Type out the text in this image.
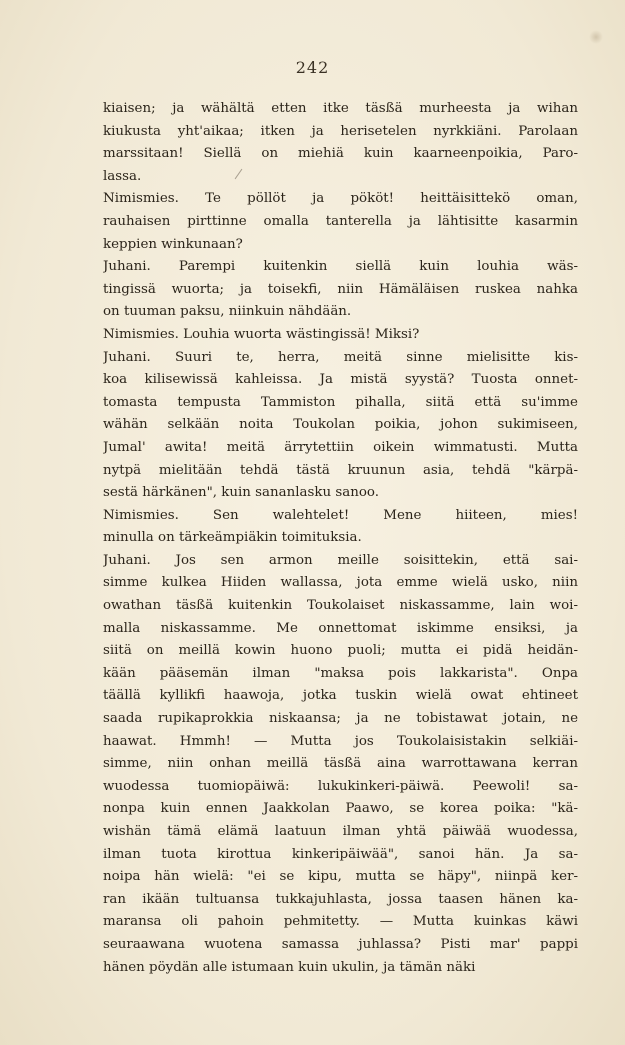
242
kiaisen; ja wähältä etten itke täsßä murheesta ja wihan
kiukusta yht'aikaa; itken ja herisetelen nyrkkiäni. Parolaan
marssitaan! Siellä on miehiä kuin kaarneenpoikia, Paro-
lassa.
Nimismies. Te pöllöt ja pököt! heittäisittekö oman,
rauhaisen pirttinne omalla tanterella ja lähtisitte kasarmin
keppien winkunaan?
Juhani. Parempi kuitenkin siellä kuin louhia wäs-
tingissä wuorta; ja toisekfi, niin Hämäläisen ruskea nahka
on tuuman paksu, niinkuin nähdään.
Nimismies. Louhia wuorta wästingissä! Miksi?
Juhani. Suuri te, herra, meitä sinne mielisitte kis-
koa kilisewissä kahleissa. Ja mistä syystä? Tuosta onnet-
tomasta tempusta Tammiston pihalla, siitä että su'imme
wähän selkään noita Toukolan poikia, johon sukimiseen,
Jumal' awita! meitä ärrytettiin oikein wimmatusti. Mutta
nytpä mielitään tehdä tästä kruunun asia, tehdä "kärpä-
sestä härkänen", kuin sananlasku sanoo.
Nimismies. Sen walehtelet! Mene hiiteen, mies!
minulla on tärkeämpiäkin toimituksia.
Juhani. Jos sen armon meille soisittekin, että sai-
simme kulkea Hiiden wallassa, jota emme wielä usko, niin
owathan täsßä kuitenkin Toukolaiset niskassamme, lain woi-
malla niskassamme. Me onnettomat iskimme ensiksi, ja
siitä on meillä kowin huono puoli; mutta ei pidä heidän-
kään pääsemän ilman "maksa pois lakkarista". Onpa
täällä kyllikfi haawoja, jotka tuskin wielä owat ehtineet
saada rupikaprokkia niskaansa; ja ne tobistawat jotain, ne
haawat. Hmmh! — Mutta jos Toukolaisistakin selkiäi-
simme, niin onhan meillä täsßä aina warrottawana kerran
wuodessa tuomiopäiwä: lukukinkeri-päiwä. Peewoli! sa-
nonpa kuin ennen Jaakkolan Paawo, se korea poika: "kä-
wishän tämä elämä laatuun ilman yhtä päiwää wuodessa,
ilman tuota kirottua kinkeripäiwää", sanoi hän. Ja sa-
noipa hän wielä: "ei se kipu, mutta se häpy", niinpä ker-
ran ikään tultuansa tukkajuhlasta, jossa taasen hänen ka-
maransa oli pahoin pehmitetty. — Mutta kuinkas käwi
seuraawana wuotena samassa juhlassa? Pisti mar' pappi
hänen pöydän alle istumaan kuin ukulin, ja tämän näki
